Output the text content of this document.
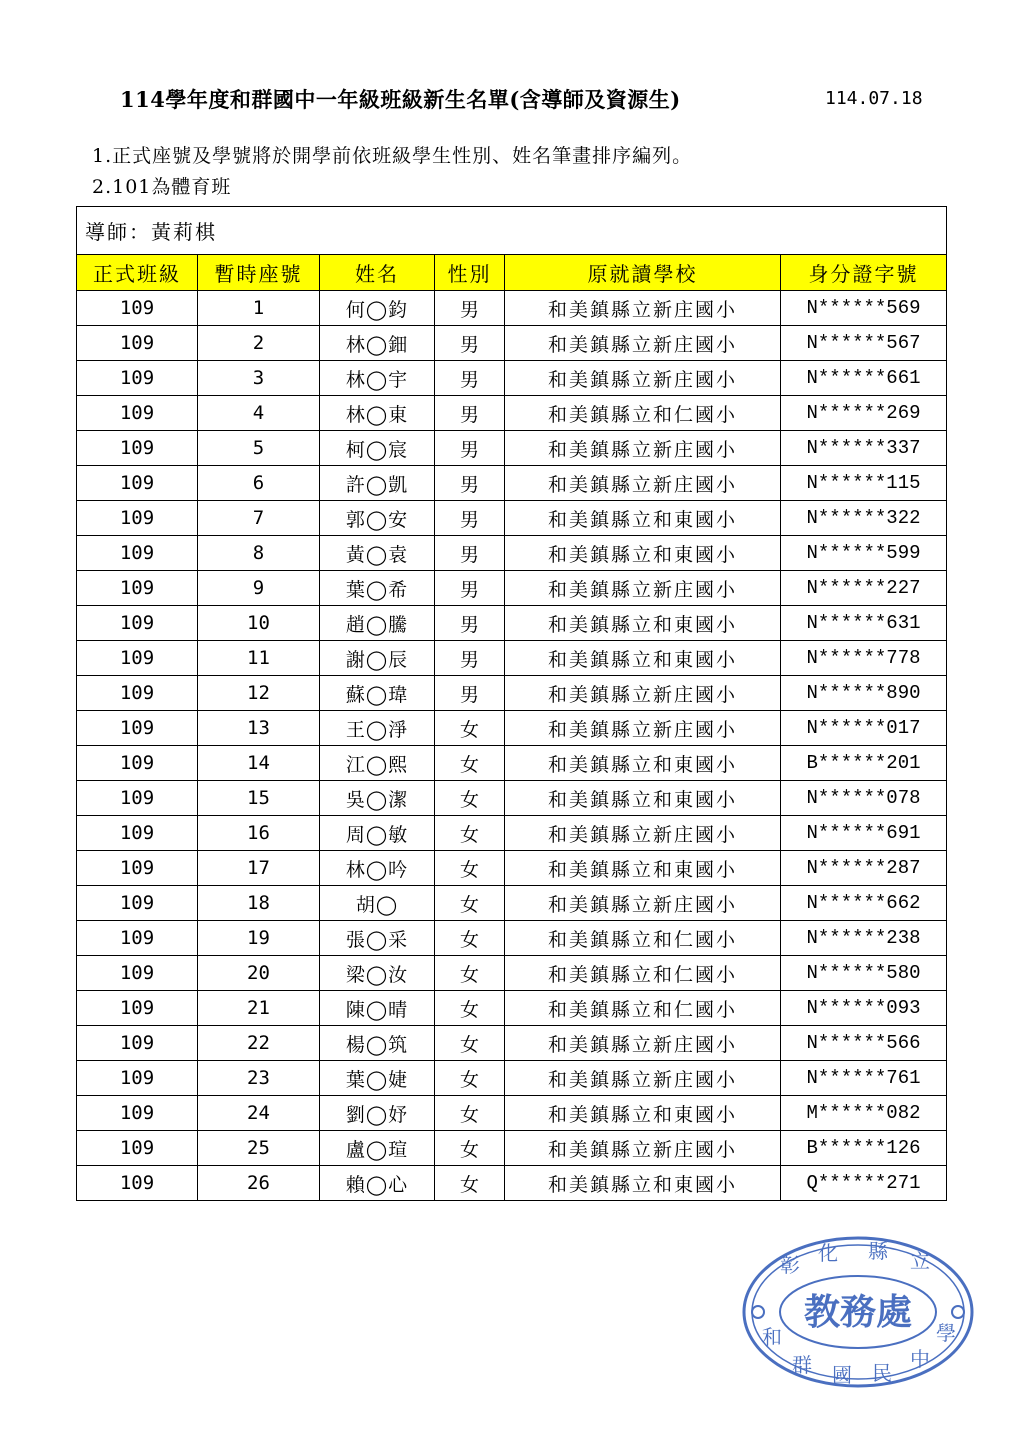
114學年度和群國中一年級班級新生名單(含導師及資源生)	114.07.18
1.正式座號及學號將於開學前依班級學生性別、姓名筆畫排序編列。
2.101為體育班
導師：黃莉棋					
正式班級	暫時座號	姓名	性別	原就讀學校	身分證字號
109	1	何◯鈞	男	和美鎮縣立新庄國小	N******569
109	2	林◯鈿	男	和美鎮縣立新庄國小	N******567
109	3	林◯宇	男	和美鎮縣立新庄國小	N******661
109	4	林◯東	男	和美鎮縣立和仁國小	N******269
109	5	柯◯宸	男	和美鎮縣立新庄國小	N******337
109	6	許◯凱	男	和美鎮縣立新庄國小	N******115
109	7	郭◯安	男	和美鎮縣立和東國小	N******322
109	8	黃◯袁	男	和美鎮縣立和東國小	N******599
109	9	葉◯希	男	和美鎮縣立新庄國小	N******227
109	10	趙◯騰	男	和美鎮縣立和東國小	N******631
109	11	謝◯辰	男	和美鎮縣立和東國小	N******778
109	12	蘇◯瑋	男	和美鎮縣立新庄國小	N******890
109	13	王◯淨	女	和美鎮縣立新庄國小	N******017
109	14	江◯熙	女	和美鎮縣立和東國小	B******201
109	15	吳◯潔	女	和美鎮縣立和東國小	N******078
109	16	周◯敏	女	和美鎮縣立新庄國小	N******691
109	17	林◯吟	女	和美鎮縣立和東國小	N******287
109	18	胡◯	女	和美鎮縣立新庄國小	N******662
109	19	張◯采	女	和美鎮縣立和仁國小	N******238
109	20	梁◯汝	女	和美鎮縣立和仁國小	N******580
109	21	陳◯晴	女	和美鎮縣立和仁國小	N******093
109	22	楊◯筑	女	和美鎮縣立新庄國小	N******566
109	23	葉◯婕	女	和美鎮縣立新庄國小	N******761
109	24	劉◯妤	女	和美鎮縣立和東國小	M******082
109	25	盧◯瑄	女	和美鎮縣立新庄國小	B******126
109	26	賴◯心	女	和美鎮縣立和東國小	Q******271
教務處
彰 化 縣 立
和
群 國 民
中
學
